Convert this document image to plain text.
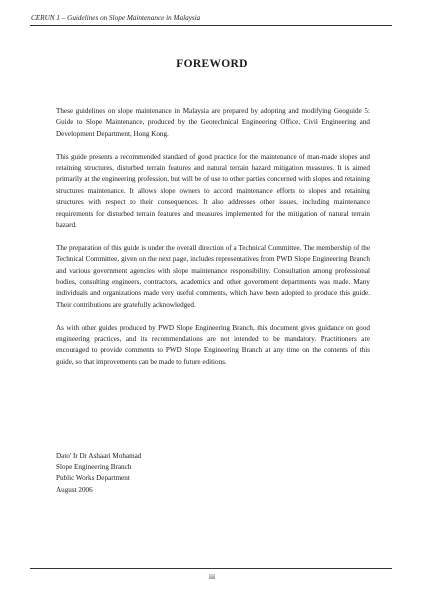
CERUN 1 – Guidelines on Slope Maintenance in Malaysia
FOREWORD

These guidelines on slope maintenance in Malaysia are prepared by adopting and modifying Geoguide 5: Guide to Slope Maintenance, produced by the Geotechnical Engineering Office, Civil Engineering and Development Department, Hong Kong.

This guide presents a recommended standard of good practice for the maintenance of man-made slopes and retaining structures, disturbed terrain features and natural terrain hazard mitigation measures. It is aimed primarily at the engineering profession, but will be of use to other parties concerned with slopes and retaining structures maintenance. It allows slope owners to accord maintenance efforts to slopes and retaining structures with respect to their consequences. It also addresses other issues, including maintenance requirements for disturbed terrain features and measures implemented for the mitigation of natural terrain hazard.

The preparation of this guide is under the overall direction of a Technical Committee. The membership of the Technical Committee, given on the next page, includes representatives from PWD Slope Engineering Branch and various government agencies with slope maintenance responsibility. Consultation among professional bodies, consulting engineers, contractors, academics and other government departments was made. Many individuals and organizations made very useful comments, which have been adopted to produce this guide. Their contributions are gratefully acknowledged.

As with other guides produced by PWD Slope Engineering Branch, this document gives guidance on good engineering practices, and its recommendations are not intended to be mandatory. Practitioners are encouraged to provide comments to PWD Slope Engineering Branch at any time on the contents of this guide, so that improvements can be made to future editions.

Dato' Ir Dr Ashaari Mohamad
Slope Engineering Branch
Public Works Department
August 2006
iii
